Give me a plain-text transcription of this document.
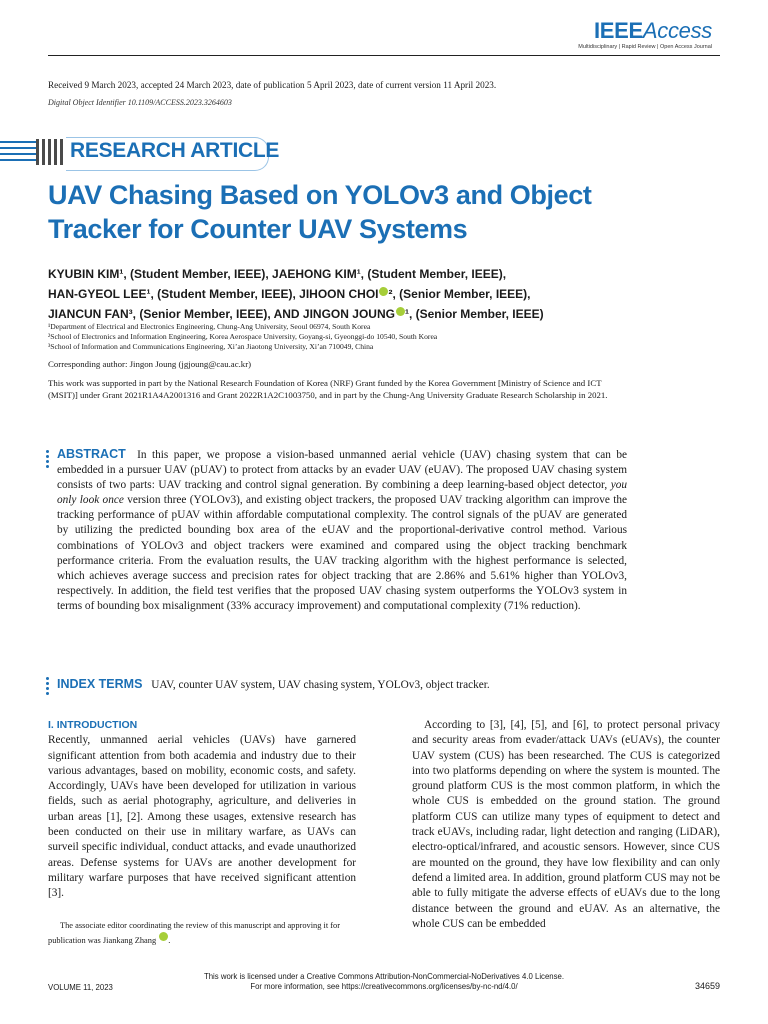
IEEEAccess
Multidisciplinary | Rapid Review | Open Access Journal
Received 9 March 2023, accepted 24 March 2023, date of publication 5 April 2023, date of current version 11 April 2023.
Digital Object Identifier 10.1109/ACCESS.2023.3264603
RESEARCH ARTICLE
UAV Chasing Based on YOLOv3 and Object
Tracker for Counter UAV Systems
KYUBIN KIM¹, (Student Member, IEEE), JAEHONG KIM¹, (Student Member, IEEE),
HAN-GYEOL LEE¹, (Student Member, IEEE), JIHOON CHOI ², (Senior Member, IEEE),
JIANCUN FAN³, (Senior Member, IEEE), AND JINGON JOUNG ¹, (Senior Member, IEEE)
¹Department of Electrical and Electronics Engineering, Chung-Ang University, Seoul 06974, South Korea
²School of Electronics and Information Engineering, Korea Aerospace University, Goyang-si, Gyeonggi-do 10540, South Korea
³School of Information and Communications Engineering, Xi’an Jiaotong University, Xi’an 710049, China
Corresponding author: Jingon Joung (jgjoung@cau.ac.kr)
This work was supported in part by the National Research Foundation of Korea (NRF) Grant funded by the Korea Government [Ministry of Science and ICT (MSIT)] under Grant 2021R1A4A2001316 and Grant 2022R1A2C1003750, and in part by the Chung-Ang University Graduate Research Scholarship in 2021.
ABSTRACT In this paper, we propose a vision-based unmanned aerial vehicle (UAV) chasing system that can be embedded in a pursuer UAV (pUAV) to protect from attacks by an evader UAV (eUAV). The proposed UAV chasing system consists of two parts: UAV tracking and control signal generation. By combining a deep learning-based object detector, you only look once version three (YOLOv3), and existing object trackers, the proposed UAV tracking algorithm can improve the tracking performance of pUAV within affordable computational complexity. The control signals of the pUAV are generated by utilizing the predicted bounding box area of the eUAV and the proportional-derivative control method. Various combinations of YOLOv3 and object trackers were examined and compared using the object tracking benchmark performance criteria. From the evaluation results, the UAV tracking algorithm with the highest performance is selected, which achieves average success and precision rates for object tracking that are 2.86% and 5.61% higher than YOLOv3, respectively. In addition, the field test verifies that the proposed UAV chasing system outperforms the YOLOv3 system in terms of bounding box misalignment (33% accuracy improvement) and computational complexity (71% reduction).
INDEX TERMS UAV, counter UAV system, UAV chasing system, YOLOv3, object tracker.
I. INTRODUCTION
Recently, unmanned aerial vehicles (UAVs) have garnered significant attention from both academia and industry due to their various advantages, based on mobility, economic costs, and safety. Accordingly, UAVs have been developed for utilization in various fields, such as aerial photography, agriculture, and deliveries in urban areas [1], [2]. Among these usages, extensive research has been conducted on their use in military warfare, as UAVs can surveil specific individual, conduct attacks, and evade unauthorized areas. Defense systems for UAVs are another development for military warfare purposes that have received significant attention [3].
According to [3], [4], [5], and [6], to protect personal privacy and security areas from evader/attack UAVs (eUAVs), the counter UAV system (CUS) has been researched. The CUS is categorized into two platforms depending on where the system is mounted. The ground platform CUS is the most common platform, in which the whole CUS is embedded on the ground station. The ground platform CUS can utilize many types of equipment to detect and track eUAVs, including radar, light detection and ranging (LiDAR), electro-optical/infrared, and acoustic sensors. However, since CUS are mounted on the ground, they have low flexibility and can only defend a limited area. In addition, ground platform CUS may not be able to fully mitigate the adverse effects of eUAVs due to the long distance between the ground and eUAV. As an alternative, the whole CUS can be embedded
The associate editor coordinating the review of this manuscript and approving it for publication was Jiankang Zhang .
This work is licensed under a Creative Commons Attribution-NonCommercial-NoDerivatives 4.0 License.
For more information, see https://creativecommons.org/licenses/by-nc-nd/4.0/
VOLUME 11, 2023	34659
